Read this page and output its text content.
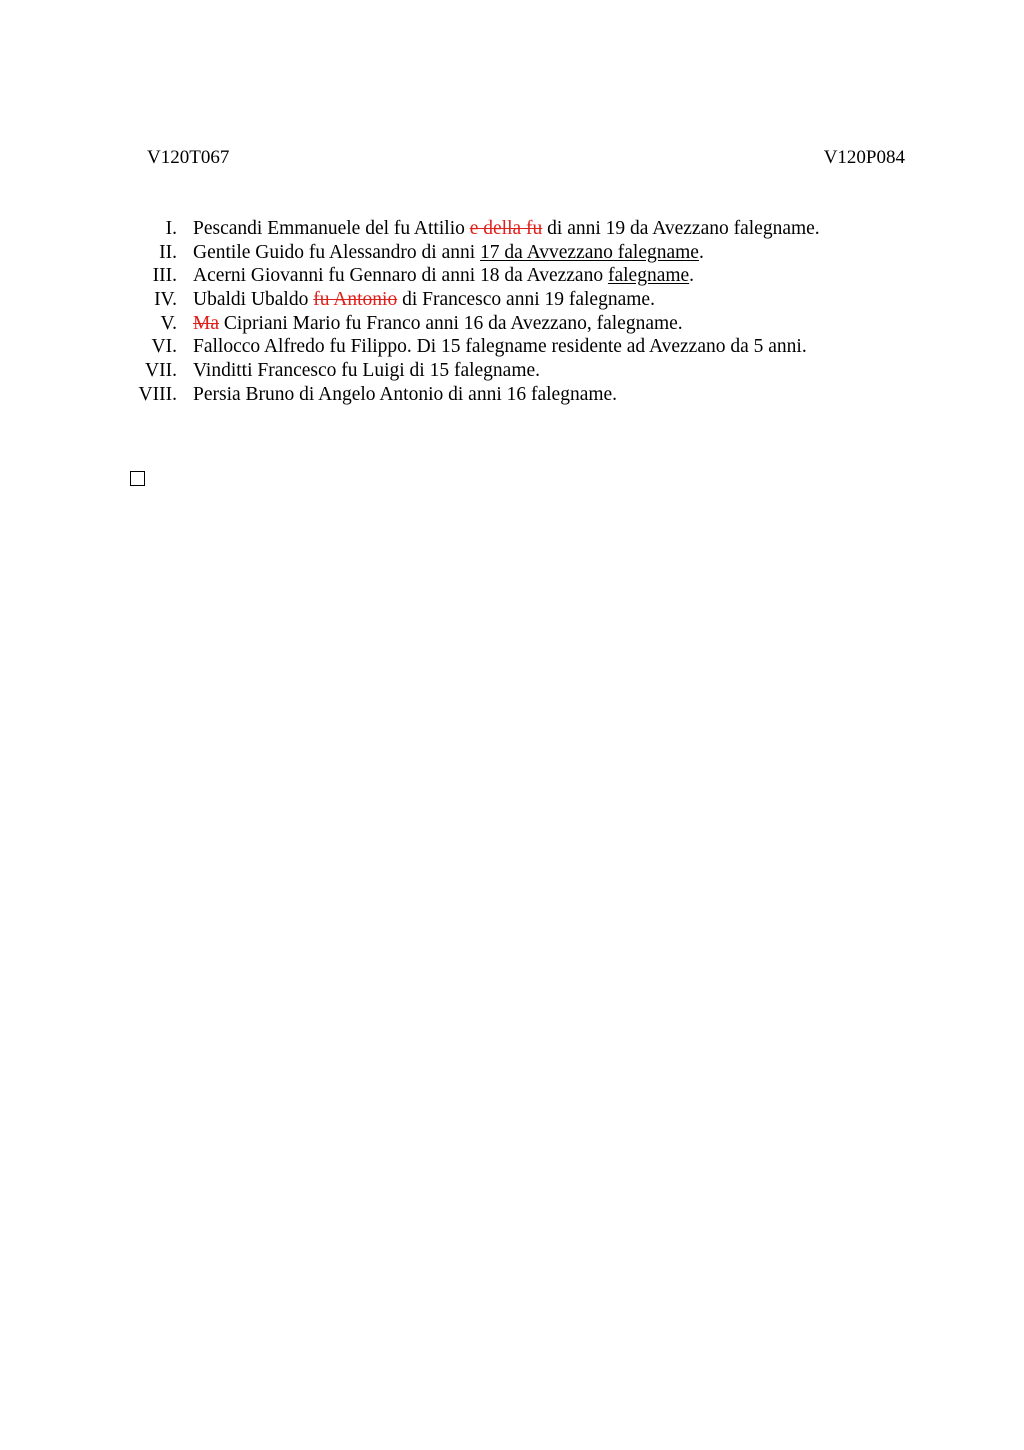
V120T067	V120P084
I. Pescandi Emmanuele del fu Attilio e della fu di anni 19 da Avezzano falegname.
II. Gentile Guido fu Alessandro di anni 17 da Avvezzano falegname.
III. Acerni Giovanni fu Gennaro di anni 18 da Avezzano falegname.
IV. Ubaldi Ubaldo fu Antonio di Francesco anni 19 falegname.
V. Ma Cipriani Mario fu Franco anni 16 da Avezzano, falegname.
VI. Fallocco Alfredo fu Filippo. Di 15 falegname residente ad Avezzano da 5 anni.
VII. Vinditti Francesco fu Luigi di 15 falegname.
VIII. Persia Bruno di Angelo Antonio di anni 16 falegname.
